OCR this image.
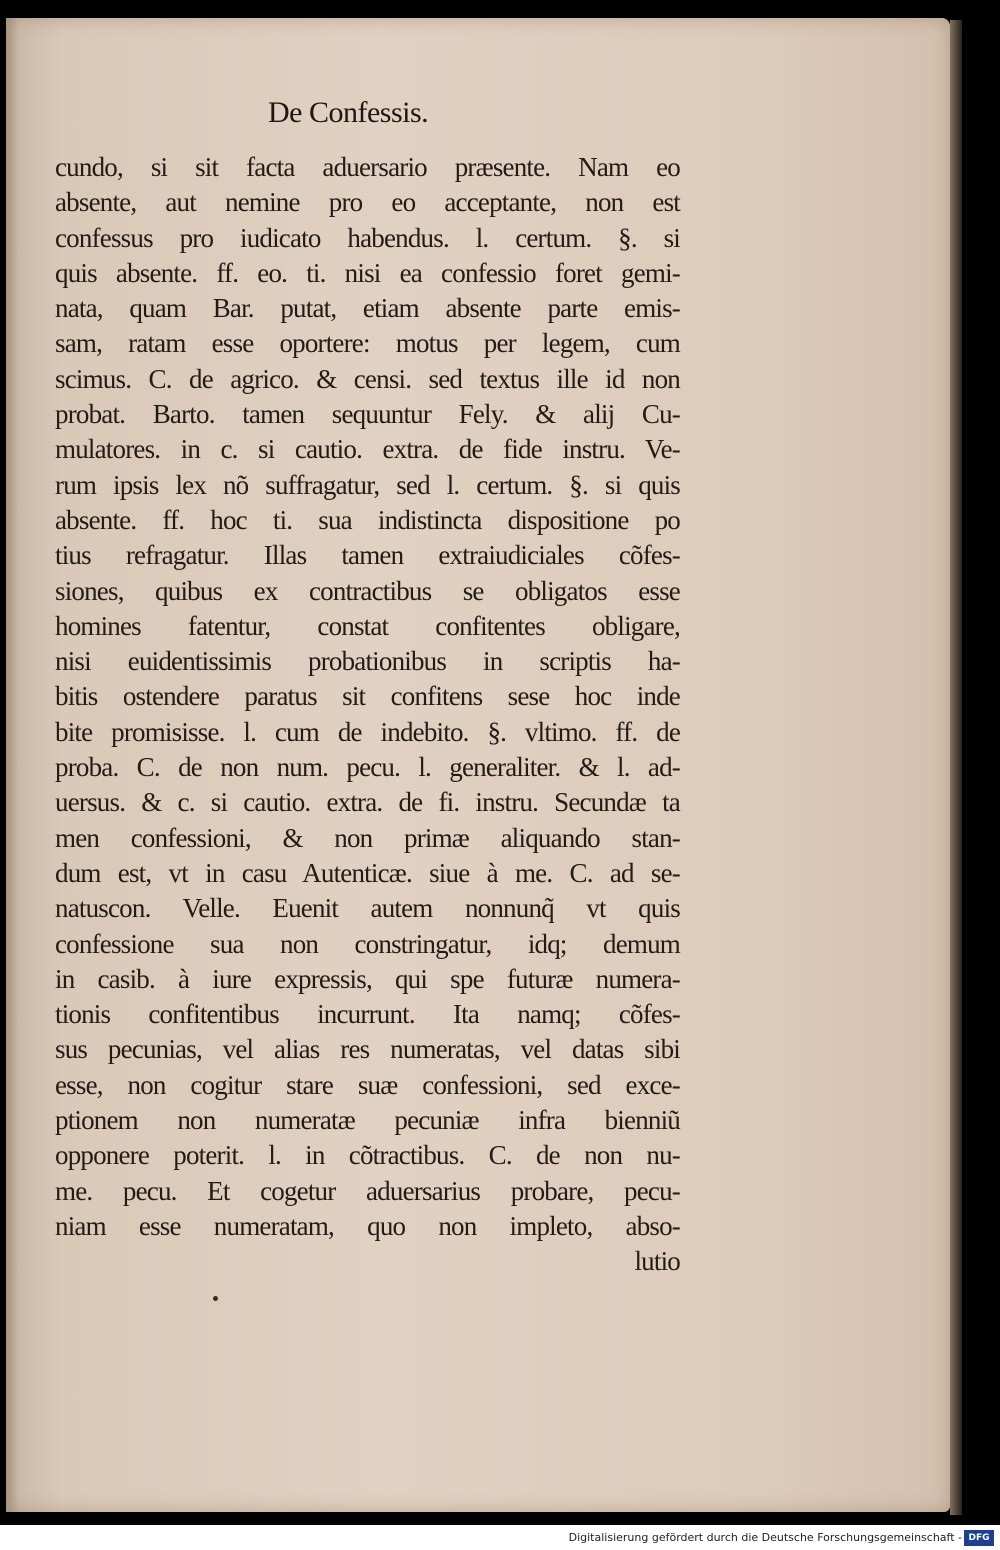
De Confessis.
cundo, si sit facta aduersario præsente. Nam eo
absente, aut nemine pro eo acceptante, non est
confessus pro iudicato habendus. l. certum. §. si
quis absente. ff. eo. ti. nisi ea confessio foret gemi-
nata, quam Bar. putat, etiam absente parte emis-
sam, ratam esse oportere: motus per legem, cum
scimus. C. de agrico. & censi. sed textus ille id non
probat. Barto. tamen sequuntur Fely. & alij Cu-
mulatores. in c. si cautio. extra. de fide instru. Ve-
rum ipsis lex nõ suffragatur, sed l. certum. §. si quis
absente. ff. hoc ti. sua indistincta dispositione po
tius refragatur. Illas tamen extraiudiciales cõfes-
siones, quibus ex contractibus se obligatos esse
homines fatentur, constat confitentes obligare,
nisi euidentissimis probationibus in scriptis ha-
bitis ostendere paratus sit confitens sese hoc inde
bite promisisse. l. cum de indebito. §. vltimo. ff. de
proba. C. de non num. pecu. l. generaliter. & l. ad-
uersus. & c. si cautio. extra. de fi. instru. Secundæ ta
men confessioni, & non primæ aliquando stan-
dum est, vt in casu Autenticæ. siue à me. C. ad se-
natuscon. Velle. Euenit autem nonnunq̃ vt quis
confessione sua non constringatur, idq; demum
in casib. à iure expressis, qui spe futuræ numera-
tionis confitentibus incurrunt. Ita namq; cõfes-
sus pecunias, vel alias res numeratas, vel datas sibi
esse, non cogitur stare suæ confessioni, sed exce-
ptionem non numeratæ pecuniæ infra bienniũ
opponere poterit. l. in cõtractibus. C. de non nu-
me. pecu. Et cogetur aduersarius probare, pecu-
niam esse numeratam, quo non impleto, abso-
lutio
Digitalisierung gefördert durch die Deutsche Forschungsgemeinschaft - DFG
